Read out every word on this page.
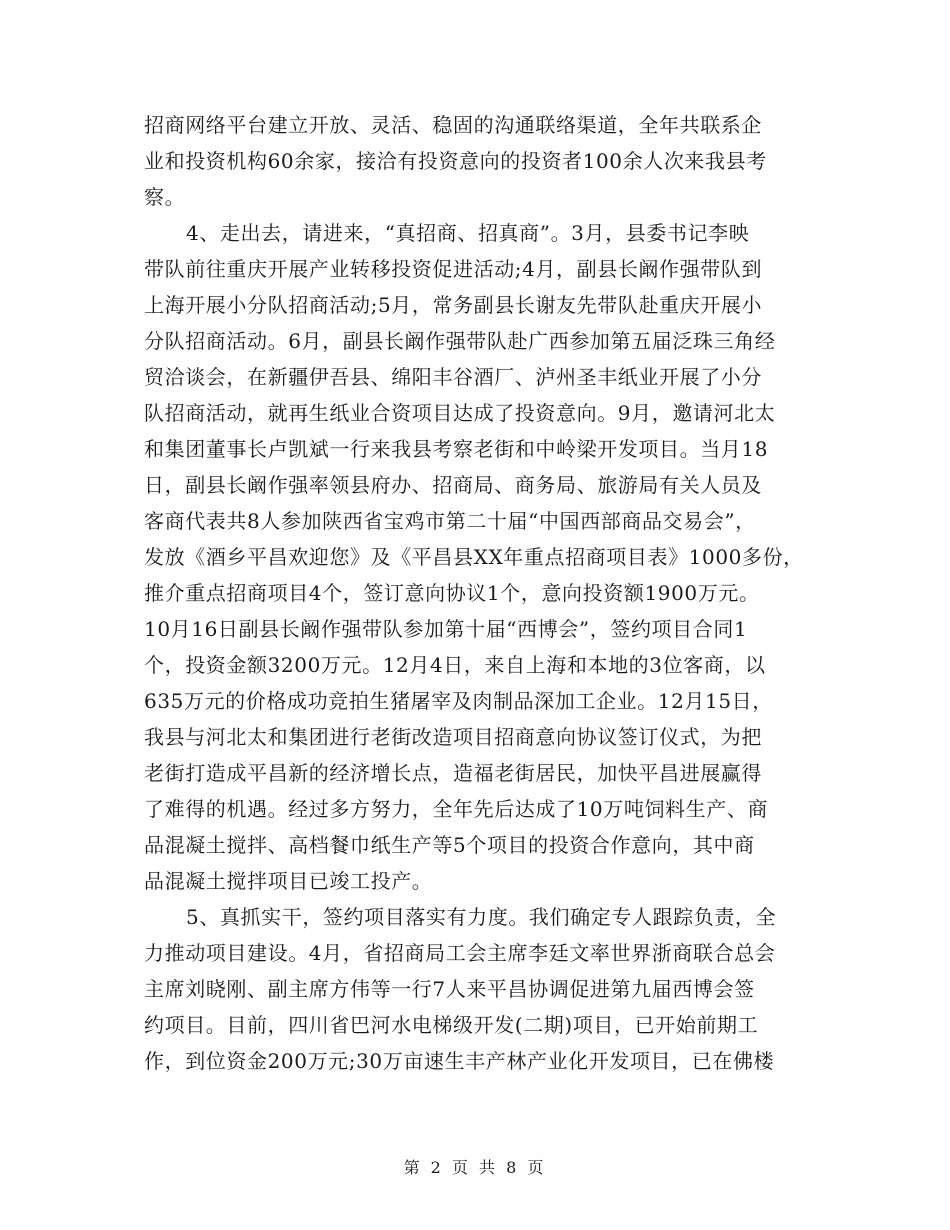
招商网络平台建立开放、灵活、稳固的沟通联络渠道，全年共联系企
业和投资机构60余家，接洽有投资意向的投资者100余人次来我县考
察。
4、走出去，请进来，“真招商、招真商”。3月，县委书记李映
带队前往重庆开展产业转移投资促进活动;4月，副县长阚作强带队到
上海开展小分队招商活动;5月，常务副县长谢友先带队赴重庆开展小
分队招商活动。6月，副县长阚作强带队赴广西参加第五届泛珠三角经
贸洽谈会，在新疆伊吾县、绵阳丰谷酒厂、泸州圣丰纸业开展了小分
队招商活动，就再生纸业合资项目达成了投资意向。9月，邀请河北太
和集团董事长卢凯斌一行来我县考察老街和中岭梁开发项目。当月18
日，副县长阚作强率领县府办、招商局、商务局、旅游局有关人员及
客商代表共8人参加陕西省宝鸡市第二十届“中国西部商品交易会”，
发放《酒乡平昌欢迎您》及《平昌县XX年重点招商项目表》1000多份，
推介重点招商项目4个，签订意向协议1个，意向投资额1900万元。
10月16日副县长阚作强带队参加第十届“西博会”，签约项目合同1
个，投资金额3200万元。12月4日，来自上海和本地的3位客商，以
635万元的价格成功竞拍生猪屠宰及肉制品深加工企业。12月15日，
我县与河北太和集团进行老街改造项目招商意向协议签订仪式，为把
老街打造成平昌新的经济增长点，造福老街居民，加快平昌进展赢得
了难得的机遇。经过多方努力，全年先后达成了10万吨饲料生产、商
品混凝土搅拌、高档餐巾纸生产等5个项目的投资合作意向，其中商
品混凝土搅拌项目已竣工投产。
5、真抓实干，签约项目落实有力度。我们确定专人跟踪负责，全
力推动项目建设。4月，省招商局工会主席李廷文率世界浙商联合总会
主席刘晓刚、副主席方伟等一行7人来平昌协调促进第九届西博会签
约项目。目前，四川省巴河水电梯级开发(二期)项目，已开始前期工
作，到位资金200万元;30万亩速生丰产林产业化开发项目，已在佛楼
第 2 页 共 8 页
